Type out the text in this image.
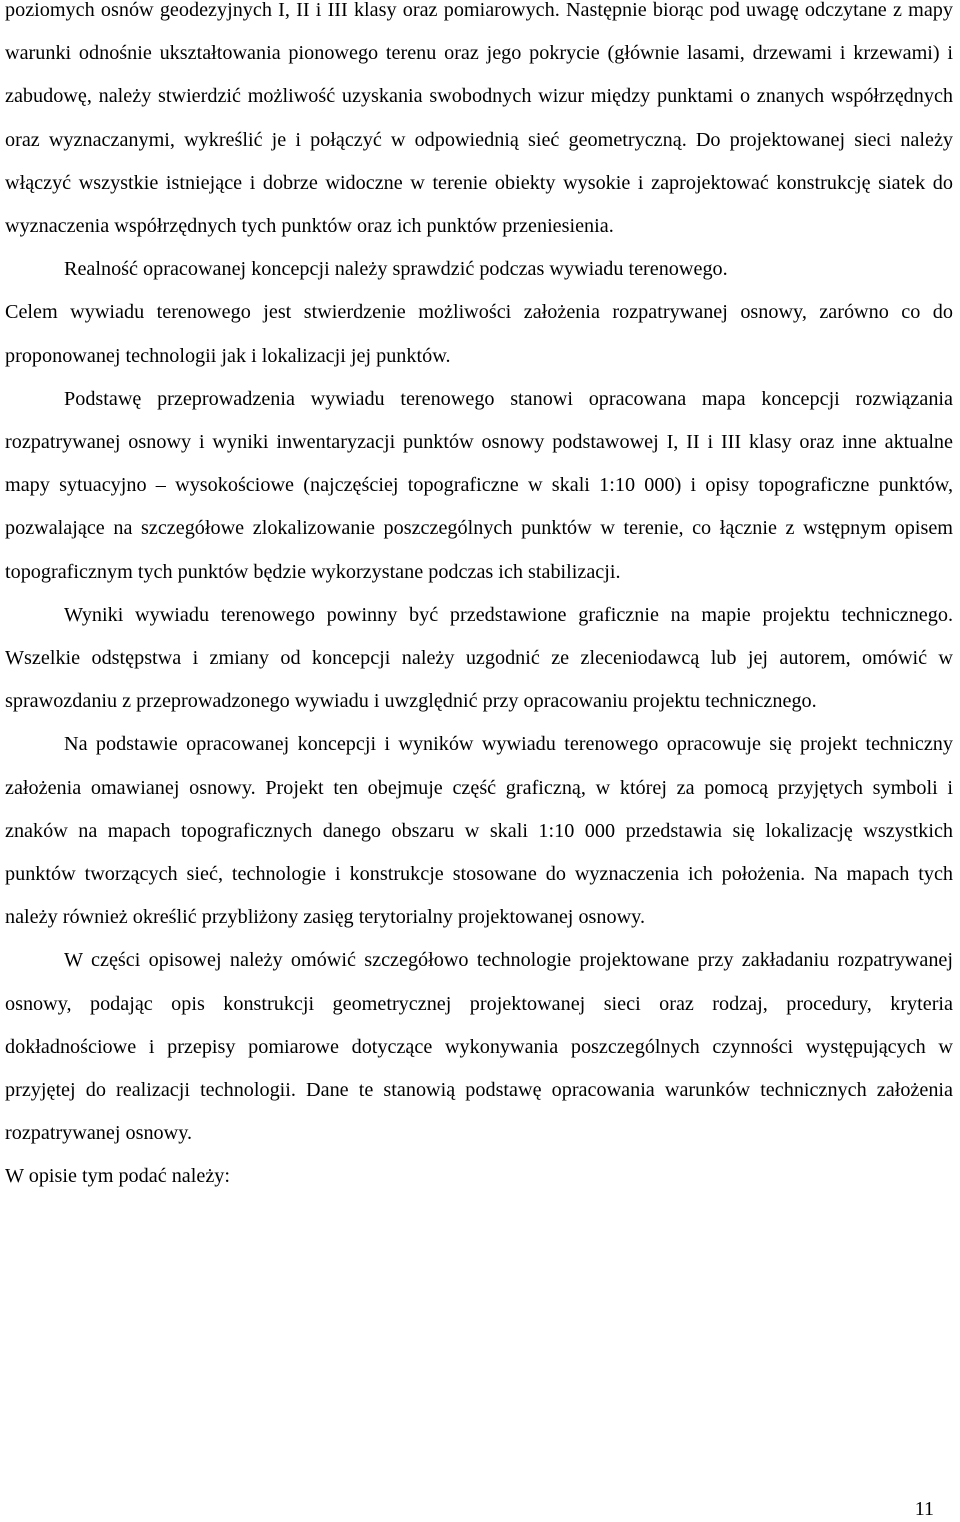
poziomych osnów geodezyjnych I, II i III klasy oraz pomiarowych. Następnie biorąc pod uwagę odczytane z mapy warunki odnośnie ukształtowania pionowego terenu oraz jego pokrycie (głównie lasami, drzewami i krzewami) i zabudowę, należy stwierdzić możliwość uzyskania swobodnych wizur między punktami o znanych współrzędnych oraz wyznaczanymi, wykreślić je i połączyć w odpowiednią sieć geometryczną. Do projektowanej sieci należy włączyć wszystkie istniejące i dobrze widoczne w terenie obiekty wysokie i zaprojektować konstrukcję siatek do wyznaczenia współrzędnych tych punktów oraz ich punktów przeniesienia.

Realność opracowanej koncepcji należy sprawdzić podczas wywiadu terenowego.

Celem wywiadu terenowego jest stwierdzenie możliwości założenia rozpatrywanej osnowy, zarówno co do proponowanej technologii jak i lokalizacji jej punktów.

Podstawę przeprowadzenia wywiadu terenowego stanowi opracowana mapa koncepcji rozwiązania rozpatrywanej osnowy i wyniki inwentaryzacji punktów osnowy podstawowej I, II i III klasy oraz inne aktualne mapy sytuacyjno – wysokościowe (najczęściej topograficzne w skali 1:10 000) i opisy topograficzne punktów, pozwalające na szczegółowe zlokalizowanie poszczególnych punktów w terenie, co łącznie z wstępnym opisem topograficznym tych punktów będzie wykorzystane podczas ich stabilizacji.

Wyniki wywiadu terenowego powinny być przedstawione graficznie na mapie projektu technicznego. Wszelkie odstępstwa i zmiany od koncepcji należy uzgodnić ze zleceniodawcą lub jej autorem, omówić w sprawozdaniu z przeprowadzonego wywiadu i uwzględnić przy opracowaniu projektu technicznego.

Na podstawie opracowanej koncepcji i wyników wywiadu terenowego opracowuje się projekt techniczny założenia omawianej osnowy. Projekt ten obejmuje część graficzną, w której za pomocą przyjętych symboli i znaków na mapach topograficznych danego obszaru w skali 1:10 000 przedstawia się lokalizację wszystkich punktów tworzących sieć, technologie i konstrukcje stosowane do wyznaczenia ich położenia. Na mapach tych należy również określić przybliżony zasięg terytorialny projektowanej osnowy.

W części opisowej należy omówić szczegółowo technologie projektowane przy zakładaniu rozpatrywanej osnowy, podając opis konstrukcji geometrycznej projektowanej sieci oraz rodzaj, procedury, kryteria dokładnościowe i przepisy pomiarowe dotyczące wykonywania poszczególnych czynności występujących w przyjętej do realizacji technologii. Dane te stanowią podstawę opracowania warunków technicznych założenia rozpatrywanej osnowy.

W opisie tym podać należy:

11
